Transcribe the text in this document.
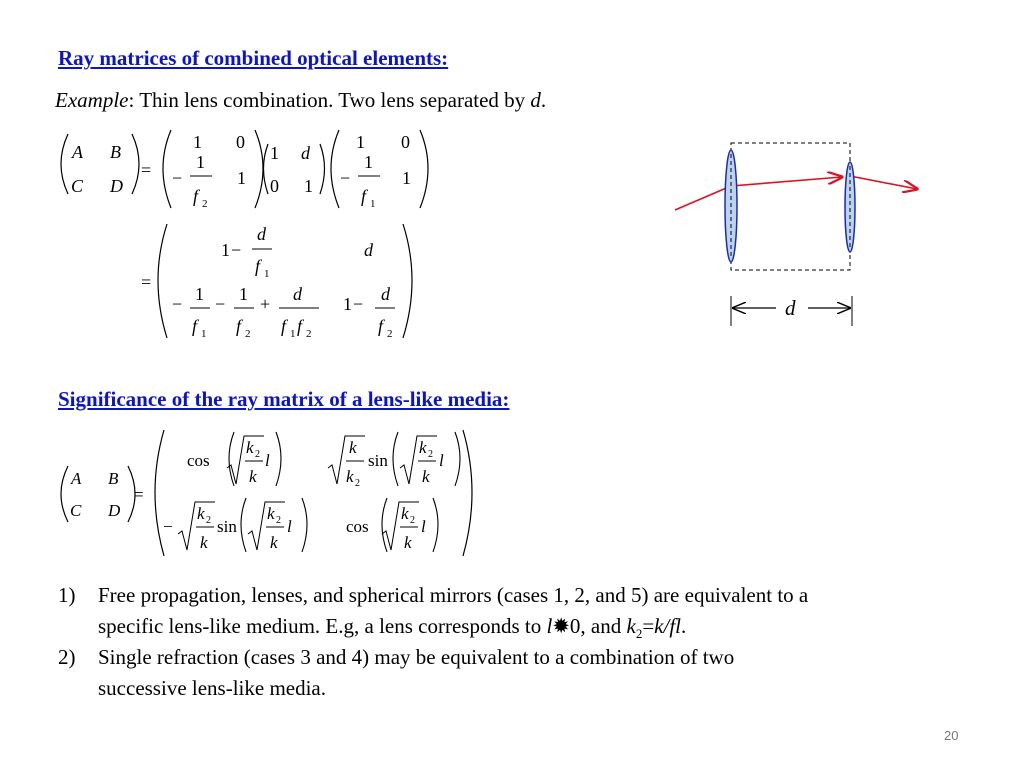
Ray matrices of combined optical elements:
Example: Thin lens combination. Two lens separated by d.
A B
C D
=
1 0
−
1
f 2
1
1 d
0 1
1 0
−
1
f 1
1
=
1 −
d
f 1
d
− 1
f 1
− 1
f 2
+ d
f 1 f 2
1 − d
f 2
d
Significance of the ray matrix of a lens-like media:
A B
C D
=
cos
k 2
k
l
k
k 2
sin
k 2
k
l
−
k 2
k
sin
k 2
k
l	cos
k 2
k
l
1) Free propagation, lenses, and spherical mirrors (cases 1, 2, and 5) are equivalent to a
specific lens-like medium. E.g, a lens corresponds to l✹0, and $k_2=k/fl$.
2) Single refraction (cases 3 and 4) may be equivalent to a combination of two
successive lens-like media.
20
